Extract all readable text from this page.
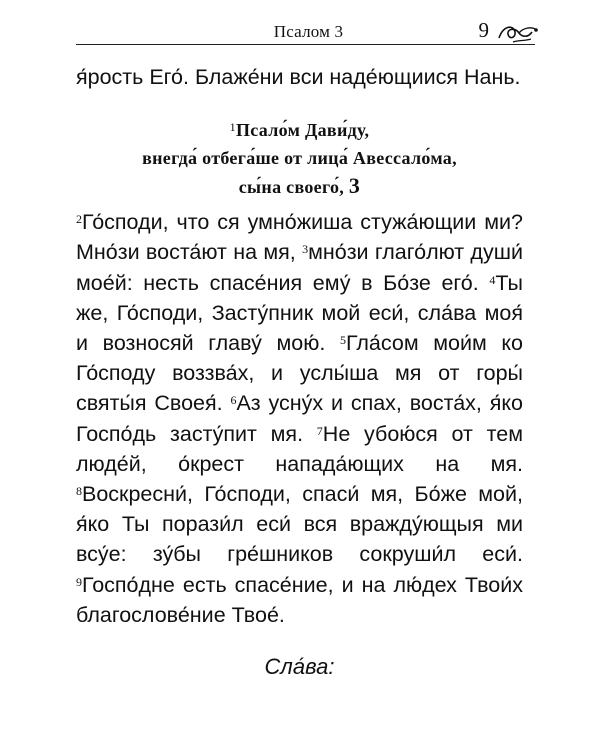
Псалом 3	9

я́рость Его́. Блаже́ни вси наде́ющиися Нань.

$^1$Псало́м Дави́ду,
внегда́ отбега́ше от лица́ Авессало́ма,
сы́на своего́, 3

$^2$Го́споди, что ся умно́жиша стужа́ющии ми? Мно́зи воста́ют на мя, $^3$мно́зи глаго́лют души́ мое́й: несть спасе́ния ему́ в Бо́зе его́. $^4$Ты же, Го́споди, Засту́пник мой еси́, сла́ва моя́ и возносяй главу́ мою́. $^5$Гла́сом мои́м ко Го́споду воззва́х, и услы́ша мя от горы́ святы́я Своея́. $^6$Аз усну́х и спах, воста́х, я́ко Госпо́дь засту́пит мя. $^7$Не убою́ся от тем люде́й, о́крест напада́ющих на мя. $^8$Воскресни́, Го́споди, спаси́ мя, Бо́же мой, я́ко Ты порази́л еси́ вся вражду́ющыя ми всу́е: зу́бы гре́шников сокруши́л еси́. $^9$Госпо́дне есть спасе́ние, и на лю́дех Твои́х благослове́ние Твое́.

Сла́ва:
